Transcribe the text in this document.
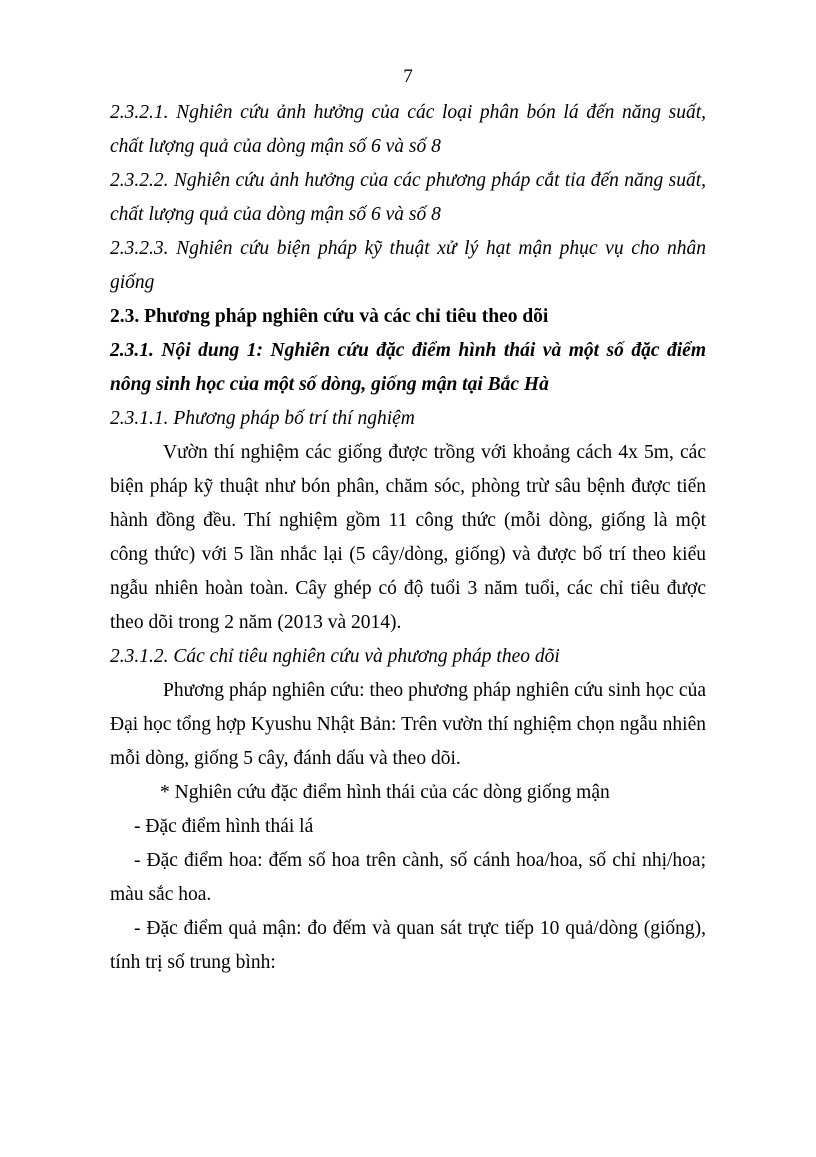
7

2.3.2.1. Nghiên cứu ảnh hưởng của các loại phân bón lá đến năng suất, chất lượng quả của dòng mận số 6 và số 8

2.3.2.2. Nghiên cứu ảnh hưởng của các phương pháp cắt tỉa đến năng suất, chất lượng quả của dòng mận số 6 và số 8

2.3.2.3. Nghiên cứu biện pháp kỹ thuật xử lý hạt mận phục vụ cho nhân giống

2.3. Phương pháp nghiên cứu và các chỉ tiêu theo dõi

2.3.1. Nội dung 1: Nghiên cứu đặc điểm hình thái và một số đặc điểm nông sinh học của một số dòng, giống mận tại Bắc Hà

2.3.1.1. Phương pháp bố trí thí nghiệm

Vườn thí nghiệm các giống được trồng với khoảng cách 4x 5m, các biện pháp kỹ thuật như bón phân, chăm sóc, phòng trừ sâu bệnh được tiến hành đồng đều. Thí nghiệm gồm 11 công thức (mỗi dòng, giống là một công thức) với 5 lần nhắc lại (5 cây/dòng, giống) và được bố trí theo kiểu ngẫu nhiên hoàn toàn. Cây ghép có độ tuổi 3 năm tuổi, các chỉ tiêu được theo dõi trong 2 năm (2013 và 2014).

2.3.1.2. Các chỉ tiêu nghiên cứu và phương pháp theo dõi

Phương pháp nghiên cứu: theo phương pháp nghiên cứu sinh học của Đại học tổng hợp Kyushu Nhật Bản: Trên vườn thí nghiệm chọn ngẫu nhiên mỗi dòng, giống 5 cây, đánh dấu và theo dõi.

* Nghiên cứu đặc điểm hình thái của các dòng giống mận

- Đặc điểm hình thái lá

- Đặc điểm hoa: đếm số hoa trên cành, số cánh hoa/hoa, số chỉ nhị/hoa; màu sắc hoa.

- Đặc điểm quả mận: đo đếm và quan sát trực tiếp 10 quả/dòng (giống), tính trị số trung bình:
